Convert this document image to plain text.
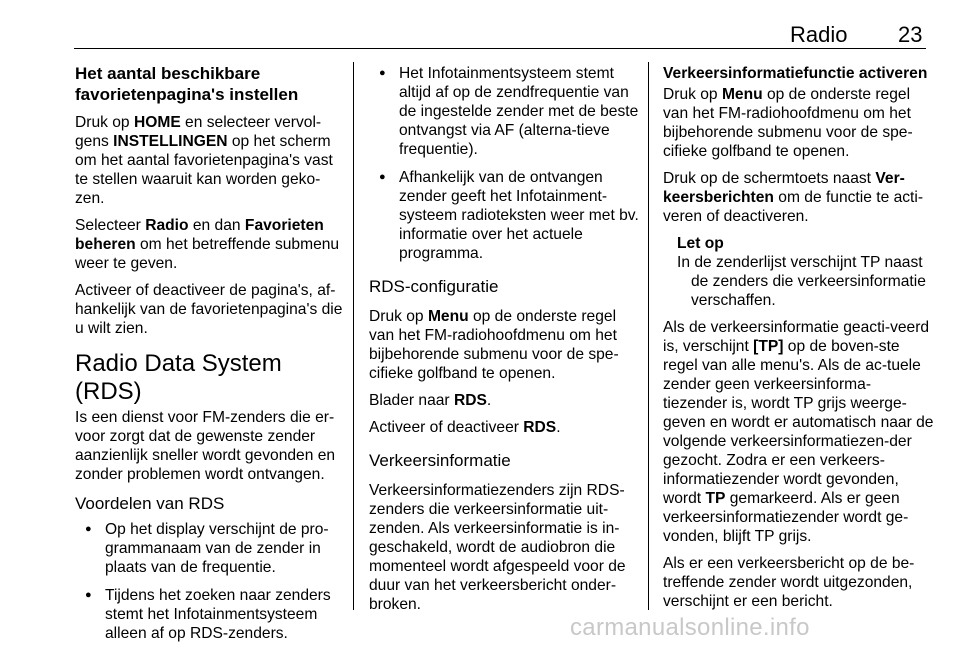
Radio 23
Het aantal beschikbare favorietenpagina's instellen

Druk op HOME en selecteer vervol-gens INSTELLINGEN op het scherm om het aantal favorietenpagina's vast te stellen waaruit kan worden geko-zen.

Selecteer Radio en dan Favorieten beheren om het betreffende submenu weer te geven.

Activeer of deactiveer de pagina's, af-hankelijk van de favorietenpagina's die u wilt zien.

Radio Data System (RDS)

Is een dienst voor FM-zenders die er-voor zorgt dat de gewenste zender aanzienlijk sneller wordt gevonden en zonder problemen wordt ontvangen.

Voordelen van RDS
● Op het display verschijnt de pro-grammanaam van de zender in plaats van de frequentie.
● Tijdens het zoeken naar zenders stemt het Infotainmentsysteem alleen af op RDS-zenders.
● Het Infotainmentsysteem stemt altijd af op de zendfrequentie van de ingestelde zender met de beste ontvangst via AF (alterna-tieve frequentie).
● Afhankelijk van de ontvangen zender geeft het Infotainment-systeem radioteksten weer met bv. informatie over het actuele programma.
RDS-configuratie

Druk op Menu op de onderste regel van het FM-radiohoofdmenu om het bijbehorende submenu voor de spe-cifieke golfband te openen.

Blader naar RDS.

Activeer of deactiveer RDS.

Verkeersinformatie

Verkeersinformatiezenders zijn RDS-zenders die verkeersinformatie uit-zenden. Als verkeersinformatie is in-geschakeld, wordt de audiobron die momenteel wordt afgespeeld voor de duur van het verkeersbericht onder-broken.

Verkeersinformatiefunctie activeren

Druk op Menu op de onderste regel van het FM-radiohoofdmenu om het bijbehorende submenu voor de spe-cifieke golfband te openen.

Druk op de schermtoets naast Ver-keersberichten om de functie te acti-veren of deactiveren.

Let op
In de zenderlijst verschijnt TP naast de zenders die verkeersinformatie verschaffen.

Als de verkeersinformatie geacti-veerd is, verschijnt [TP] op de boven-ste regel van alle menu's. Als de ac-tuele zender geen verkeersinforma-tiezender is, wordt TP grijs weerge-geven en wordt er automatisch naar de volgende verkeersinformatiezen-der gezocht. Zodra er een verkeers-informatiezender wordt gevonden, wordt TP gemarkeerd. Als er geen verkeersinformatiezender wordt ge-vonden, blijft TP grijs.

Als er een verkeersbericht op de be-treffende zender wordt uitgezonden, verschijnt er een bericht.

carmanualsonline.info
